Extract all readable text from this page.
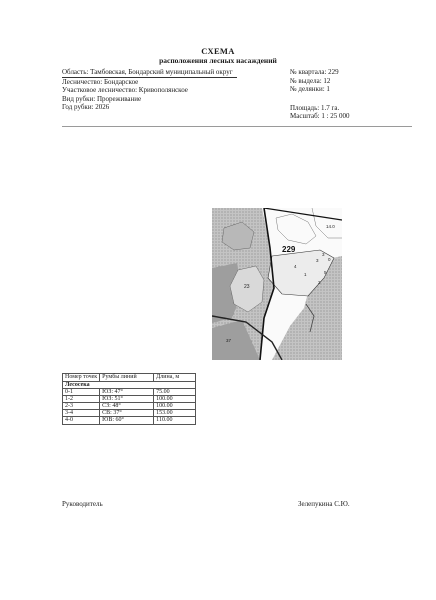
СХЕМА
расположения лесных насаждений
Область: Тамбовская, Бондарский муниципальный округ
Лесничество: Бондарское
Участковое лесничество: Кривополянское
Вид рубки: Прореживание
Год рубки: 2026
№ квартала: 229
№ выдела: 12
№ делянки: 1
Площадь: 1.7 га.
Масштаб: 1 : 25 000
229
14.0
3
3 0
5
2
4
1
23
37
Номер точек	Румбы линий	Длина, м
Лесосека		
0-1	ЮЗ: 47°	75.00
1-2	ЮЗ: 51°	100.00
2-3	СЗ: 48°	100.00
3-4	СВ: 37°	153.00
4-0	ЮВ: 60°	110.00
Руководитель	Зелепукина С.Ю.
